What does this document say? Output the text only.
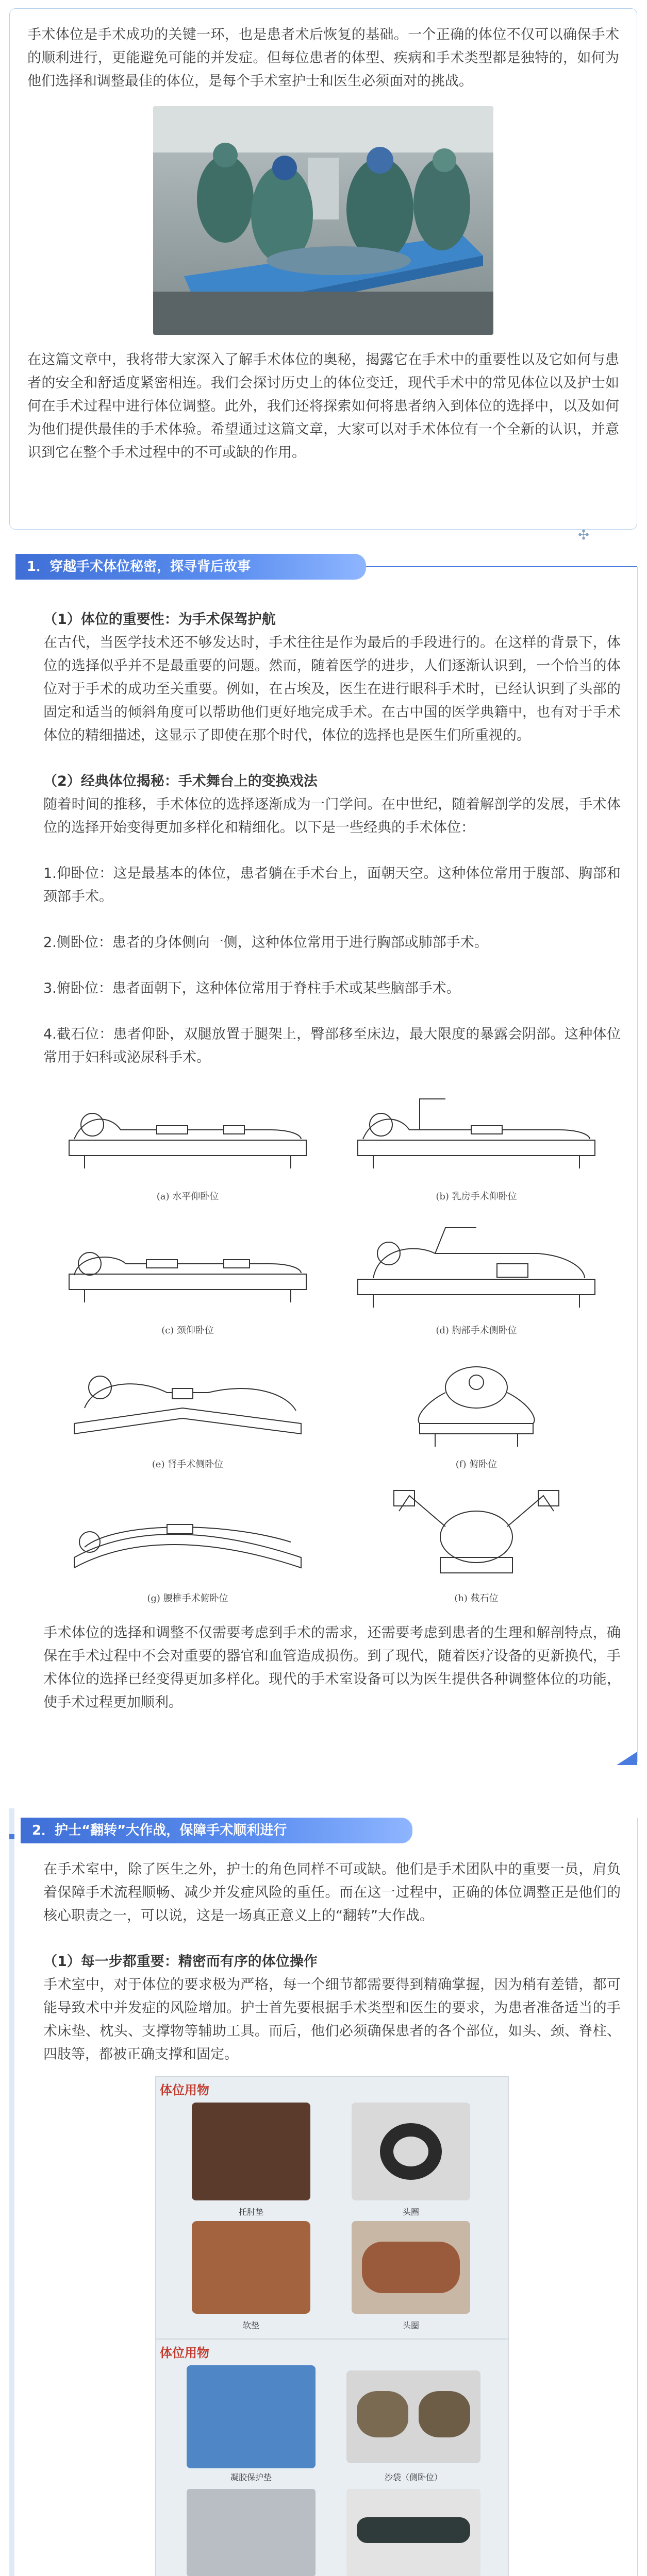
手术体位是手术成功的关键一环，也是患者术后恢复的基础。一个正确的体位不仅可以确保手术的顺利进行，更能避免可能的并发症。但每位患者的体型、疾病和手术类型都是独特的，如何为他们选择和调整最佳的体位，是每个手术室护士和医生必须面对的挑战。

在这篇文章中，我将带大家深入了解手术体位的奥秘，揭露它在手术中的重要性以及它如何与患者的安全和舒适度紧密相连。我们会探讨历史上的体位变迁，现代手术中的常见体位以及护士如何在手术过程中进行体位调整。此外，我们还将探索如何将患者纳入到体位的选择中，以及如何为他们提供最佳的手术体验。希望通过这篇文章，大家可以对手术体位有一个全新的认识，并意识到它在整个手术过程中的不可或缺的作用。

✣
1．穿越手术体位秘密，探寻背后故事

（1）体位的重要性：为手术保驾护航

在古代，当医学技术还不够发达时，手术往往是作为最后的手段进行的。在这样的背景下，体位的选择似乎并不是最重要的问题。然而，随着医学的进步，人们逐渐认识到，一个恰当的体位对于手术的成功至关重要。例如，在古埃及，医生在进行眼科手术时，已经认识到了头部的固定和适当的倾斜角度可以帮助他们更好地完成手术。在古中国的医学典籍中，也有对于手术体位的精细描述，这显示了即使在那个时代，体位的选择也是医生们所重视的。

（2）经典体位揭秘：手术舞台上的变换戏法

随着时间的推移，手术体位的选择逐渐成为一门学问。在中世纪，随着解剖学的发展，手术体位的选择开始变得更加多样化和精细化。以下是一些经典的手术体位：

1.仰卧位：这是最基本的体位，患者躺在手术台上，面朝天空。这种体位常用于腹部、胸部和颈部手术。

2.侧卧位：患者的身体侧向一侧，这种体位常用于进行胸部或肺部手术。

3.俯卧位：患者面朝下，这种体位常用于脊柱手术或某些脑部手术。

4.截石位：患者仰卧，双腿放置于腿架上，臀部移至床边，最大限度的暴露会阴部。这种体位常用于妇科或泌尿科手术。

(a) 水平仰卧位	(b) 乳房手术仰卧位
(c) 颈仰卧位	(d) 胸部手术侧卧位
(e) 肾手术侧卧位	(f) 俯卧位
(g) 腰椎手术俯卧位	(h) 截石位

手术体位的选择和调整不仅需要考虑到手术的需求，还需要考虑到患者的生理和解剖特点，确保在手术过程中不会对重要的器官和血管造成损伤。到了现代，随着医疗设备的更新换代，手术体位的选择已经变得更加多样化。现代的手术室设备可以为医生提供各种调整体位的功能，使手术过程更加顺利。

2．护士“翻转”大作战，保障手术顺利进行

在手术室中，除了医生之外，护士的角色同样不可或缺。他们是手术团队中的重要一员，肩负着保障手术流程顺畅、减少并发症风险的重任。而在这一过程中，正确的体位调整正是他们的核心职责之一，可以说，这是一场真正意义上的“翻转”大作战。

（1）每一步都重要：精密而有序的体位操作

手术室中，对于体位的要求极为严格，每一个细节都需要得到精确掌握，因为稍有差错，都可能导致术中并发症的风险增加。护士首先要根据手术类型和医生的要求，为患者准备适当的手术床垫、枕头、支撑物等辅助工具。而后，他们必须确保患者的各个部位，如头、颈、脊柱、四肢等，都被正确支撑和固定。

体位用物
托肘垫	头圈
软垫	头圈
体位用物
凝胶保护垫	沙袋（侧卧位）
